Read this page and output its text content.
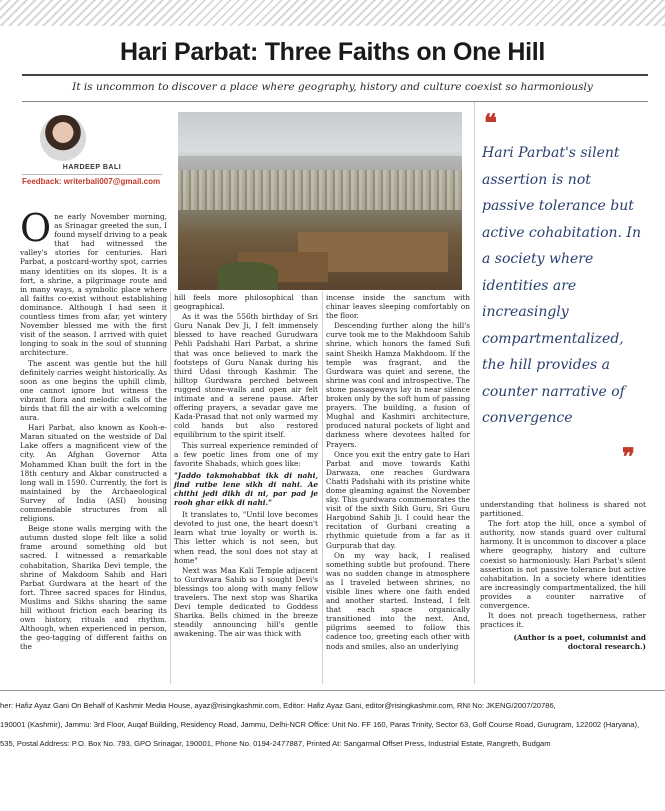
Hari Parbat: Three Faiths on One Hill
It is uncommon to discover a place where geography, history and culture coexist so harmoniously
HARDEEP BALI
Feedback: writerbali007@gmail.com

One early November morning, as Srinagar greeted the sun, I found myself driving to a peak that had witnessed the valley's stories for centuries. Hari Parbat, a postcard-worthy spot, carries many identities on its slopes. It is a fort, a shrine, a pilgrimage route and in many ways, a symbolic place where all faiths co-exist without establishing dominance. Although I had seen it countless times from afar, yet wintery November blessed me with the first visit of the season. I arrived with quiet longing to soak in the soul of stunning architecture.

The ascent was gentle but the hill definitely carries weight historically. As soon as one begins the uphill climb, one cannot ignore but witness the vibrant flora and melodic calls of the birds that fill the air with a welcoming aura.

Hari Parbat, also known as Kooh-e-Maran situated on the westside of Dal Lake offers a magnificent view of the city. An Afghan Governor Atta Mohammed Khan built the fort in the 18th century and Akbar constructed a long wall in 1590. Currently, the fort is maintained by the Archaeological Survey of India (ASI) housing commendable structures from all religions.

Beige stone walls merging with the autumn dusted slope felt like a solid frame around something old but sacred. I witnessed a remarkable cohabitation, Sharika Devi temple, the shrine of Makdoom Sahib and Hari Parbat Gurdwara at the heart of the fort. Three sacred spaces for Hindus, Muslims and Sikhs sharing the same hill without friction each bearing its own history, rituals and rhythm. Although, when experienced in person, the geo-tagging of different faiths on the

hill feels more philosophical than geographical.

As it was the 556th birthday of Sri Guru Nanak Dev Ji, I felt immensely blessed to have reached Gurudwara Pehli Padshahi Hari Parbat, a shrine that was once believed to mark the footsteps of Guru Nanak during his third Udasi through Kashmir. The hilltop Gurdwara perched between rugged stone-walls and open air felt intimate and a serene pause. After offering prayers, a sevadar gave me Kada-Prasad that not only warmed my cold hands but also restored equilibrium to the spirit itself.

This surreal experience reminded of a few poetic lines from one of my favorite Shabads, which goes like:

"Jaddo takmohabbat ikk di nahi, jind rutbe lene sikh di nahi. Ae chithi jedi dikh di ni, par pad je rooh ghar eikk di nahi."

It translates to, "Until love becomes devoted to just one, the heart doesn't learn what true loyalty or worth is. This letter which is not seen, but when read, the soul does not stay at home"

Next was Maa Kali Temple adjacent to Gurdwara Sahib so I sought Devi's blessings too along with many fellow travelers. The next stop was Sharika Devi temple dedicated to Goddess Sharika. Bells chimed in the breeze steadily announcing hill's gentle awakening. The air was thick with

incense inside the sanctum with chinar leaves sleeping comfortably on the floor.

Descending further along the hill's curve took me to the Makhdoom Sahib shrine, which honors the famed Sufi saint Sheikh Hamza Makhdoom. If the temple was fragrant, and the Gurdwara was quiet and serene, the shrine was cool and introspective. The stone passageways lay in near silence broken only by the soft hum of passing prayers. The building, a fusion of Mughal and Kashmiri architecture, produced natural pockets of light and darkness where devotees halted for Prayers.

Once you exit the entry gate to Hari Parbat and move towards Kathi Darwaza, one reaches Gurdwara Chatti Padshahi with its pristine white dome gleaming against the November sky. This gurdwara commemorates the visit of the sixth Sikh Guru, Sri Guru Hargobind Sahib Ji. I could hear the recitation of Gurbani creating a rhythmic quietude from a far as it Gurpurab that day.

On my way back, I realised something subtle but profound. There was no sudden change in atmosphere as I traveled between shrines, no visible lines where one faith ended and another started. Instead, I felt that each space organically transitioned into the next. And, pilgrims seemed to follow this cadence too, greeting each other with nods and smiles, also an underlying

❝
Hari Parbat's silent assertion is not passive tolerance but active cohabitation. In a society where identities are increasingly compartmentalized, the hill provides a counter narrative of convergence
❞

understanding that holiness is shared not partitioned.

The fort atop the hill, once a symbol of authority, now stands guard over cultural harmony. It is uncommon to discover a place where geography, history and culture coexist so harmoniously. Hari Parbat's silent assertion is not passive tolerance but active cohabitation. In a society where identities are increasingly compartmentalized, the hill provides a counter narrative of convergence.

It does not preach togetherness, rather practices it.

(Author is a poet, columnist and doctoral research.)

her: Hafiz Ayaz Gani On Behalf of Kashmir Media House, ayaz@risingkashmir.com, Editor: Hafiz Ayaz Gani, editor@risingkashmir.com, RNI No: JKENG/2007/20786,
190001 (Kashmir), Jammu: 3rd Floor, Auqaf Building, Residency Road, Jammu, Delhi-NCR Office: Unit No. FF 160, Paras Trinity, Sector 63, Golf Course Road, Gurugram, 122002 (Haryana),
535, Postal Address: P.O. Box No. 793, GPO Srinagar, 190001, Phone No. 0194-2477887, Printed At: Sangarmal Offset Press, Industrial Estate, Rangreth, Budgam
